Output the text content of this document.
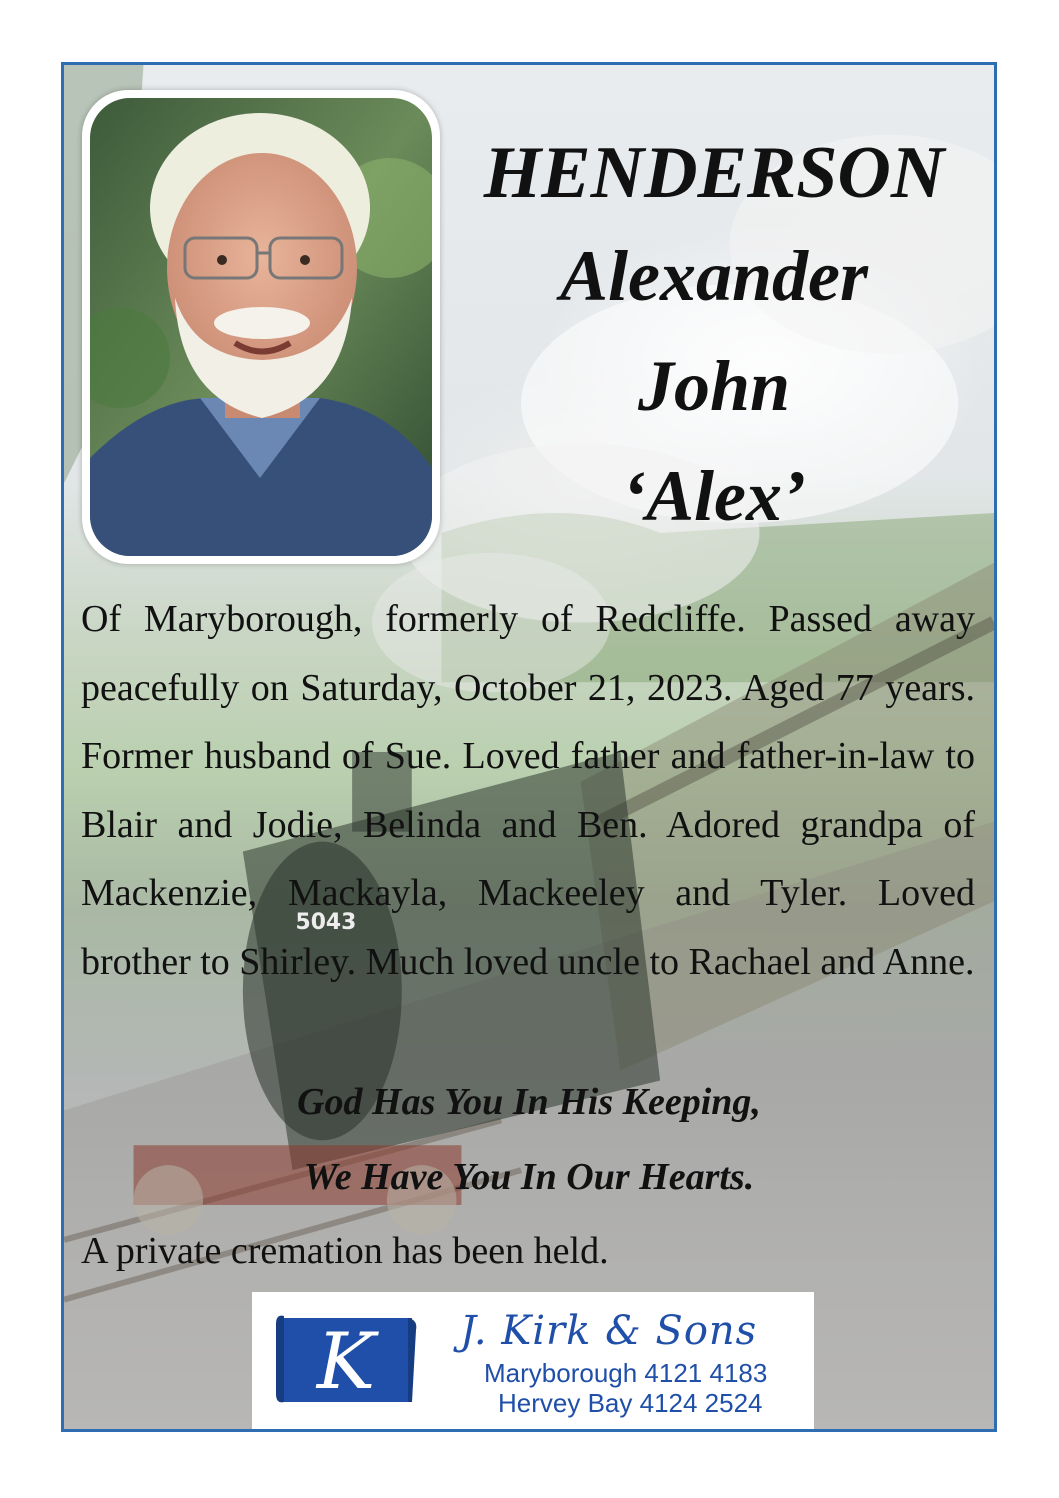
5043
HENDERSON
Alexander
John
‘Alex’
Of Maryborough, formerly of Redcliffe. Passed away peacefully on Saturday, October 21, 2023. Aged 77 years. Former husband of Sue. Loved father and father-in-law to Blair and Jodie, Belinda and Ben. Adored grandpa of Mackenzie, Mackayla, Mackeeley and Tyler. Loved brother to Shirley. Much loved uncle to Rachael and Anne.
God Has You In His Keeping,
We Have You In Our Hearts.
A private cremation has been held.
K J. Kirk & Sons
Maryborough 4121 4183
Hervey Bay 4124 2524
